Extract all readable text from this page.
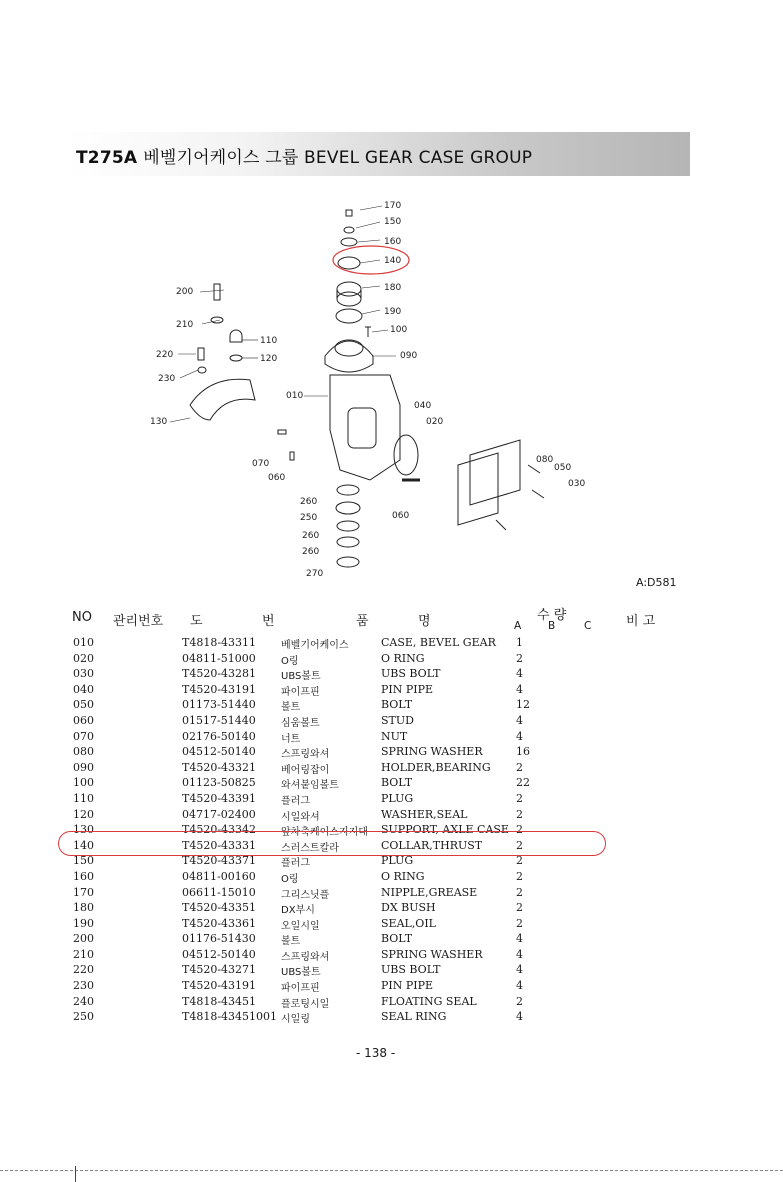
T275A 베벨기어케이스 그룹 BEVEL GEAR CASE GROUP
170
150
160
140
180
190
100
090
110
120
200
210
220
230
130
010
040
020
070
060
080
050
030
260
250	060
260
260
270
A:D581
NO 관리번호 도	번	품	명	수 량
A	B	C	비 고
010	T4818-43311 베벨기어케이스	CASE, BEVEL GEAR 1
020	04811-51000	O링	O RING	2
030	T4520-43281 UBS볼트	UBS BOLT	4
040	T4520-43191 파이프핀	PIN PIPE	4
050	01173-51440	볼트	BOLT	12
060	01517-51440	심움볼트	STUD	4
070	02176-50140	너트	NUT	4
080	04512-50140	스프링와셔	SPRING WASHER	16
090	T4520-43321 베어링잡이	HOLDER,BEARING 2
100	01123-50825	와셔붙임볼트	BOLT	22
110	T4520-43391 플러그	PLUG	2
120	04717-02400	시일와셔	WASHER,SEAL	2
130	T4520-43342 앞차축케이스지지대 SUPPORT, AXLE CASE 2
140	T4520-43331 스러스트칼라	COLLAR,THRUST	2
150	T4520-43371 플러그	PLUG	2
160	04811-00160	O링	O RING	2
170	06611-15010	그리스닛플	NIPPLE,GREASE	2
180	T4520-43351 DX부시	DX BUSH	2
190	T4520-43361 오일시일	SEAL,OIL	2
200	01176-51430	볼트	BOLT	4
210	04512-50140	스프링와셔	SPRING WASHER	4
220	T4520-43271 UBS볼트	UBS BOLT	4
230	T4520-43191 파이프핀	PIN PIPE	4
240	T4818-43451 플로팅시일	FLOATING SEAL	2
250	T4818-43451001 시일링	SEAL RING	4
- 138 -
